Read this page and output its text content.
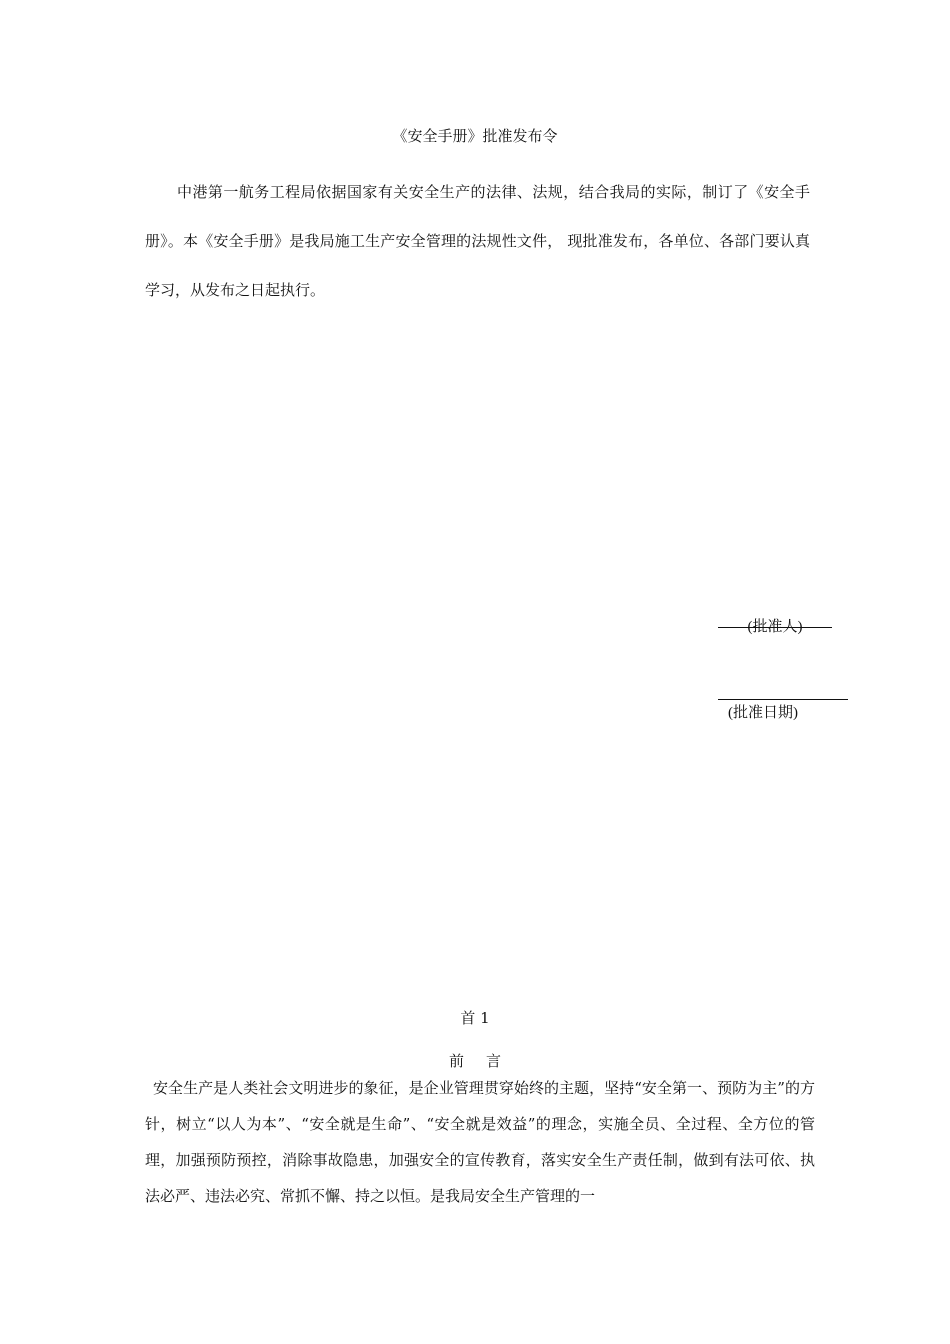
《安全手册》批准发布令

中港第一航务工程局依据国家有关安全生产的法律、法规，结合我局的实际，制订了《安全手册》。本《安全手册》是我局施工生产安全管理的法规性文件， 现批准发布，各单位、各部门要认真学习，从发布之日起执行。

(批准人)
(批准日期)
首 1
前言

安全生产是人类社会文明进步的象征，是企业管理贯穿始终的主题，坚持“安全第一、预防为主”的方针，树立“以人为本”、“安全就是生命”、“安全就是效益”的理念，实施全员、全过程、全方位的管理，加强预防预控，消除事故隐患，加强安全的宣传教育，落实安全生产责任制，做到有法可依、执法必严、违法必究、常抓不懈、持之以恒。是我局安全生产管理的一
